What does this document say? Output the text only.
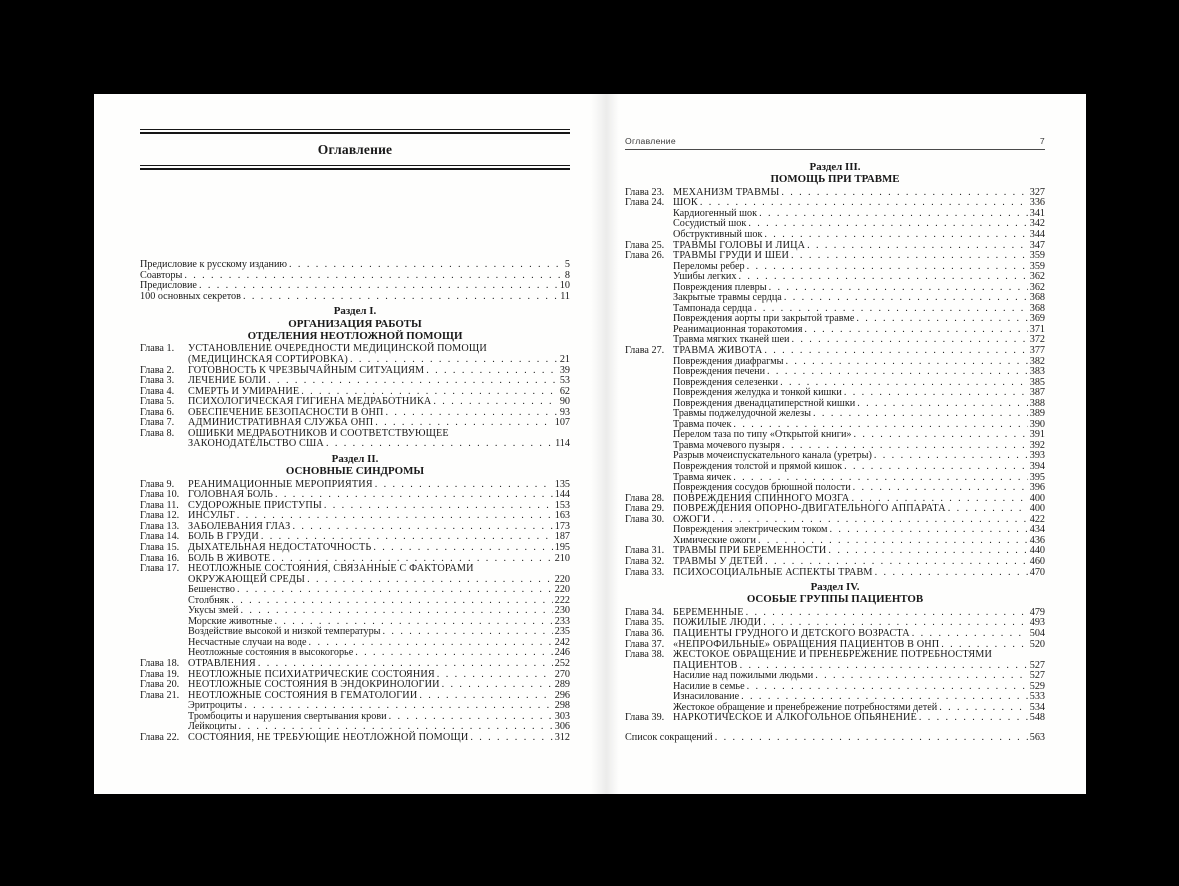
Оглавление
Предисловие к русскому изданию . . .	5
Соавторы . . .	8
Предисловие . . .	10
100 основных секретов . . .	11
Раздел I.
ОРГАНИЗАЦИЯ РАБОТЫ
ОТДЕЛЕНИЯ НЕОТЛОЖНОЙ ПОМОЩИ
Глава 1.	УСТАНОВЛЕНИЕ ОЧЕРЕДНОСТИ МЕДИЦИНСКОЙ ПОМОЩИ
(МЕДИЦИНСКАЯ СОРТИРОВКА) . . .	21
Глава 2.	ГОТОВНОСТЬ К ЧРЕЗВЫЧАЙНЫМ СИТУАЦИЯМ . . .	39
Глава 3.	ЛЕЧЕНИЕ БОЛИ . . .	53
Глава 4.	СМЕРТЬ И УМИРАНИЕ . . .	62
Глава 5.	ПСИХОЛОГИЧЕСКАЯ ГИГИЕНА МЕДРАБОТНИКА . . .	90
Глава 6.	ОБЕСПЕЧЕНИЕ БЕЗОПАСНОСТИ В ОНП . . .	93
Глава 7.	АДМИНИСТРАТИВНАЯ СЛУЖБА ОНП . . .	107
Глава 8.	ОШИБКИ МЕДРАБОТНИКОВ И СООТВЕТСТВУЮЩЕЕ
ЗАКОНОДАТЕЛЬСТВО США . . .	114
Раздел II.
ОСНОВНЫЕ СИНДРОМЫ
Глава 9.	РЕАНИМАЦИОННЫЕ МЕРОПРИЯТИЯ . . .	135
Глава 10. ГОЛОВНАЯ БОЛЬ . . .	144
Глава 11. СУДОРОЖНЫЕ ПРИСТУПЫ . . .	153
Глава 12. ИНСУЛЬТ . . .	163
Глава 13. ЗАБОЛЕВАНИЯ ГЛАЗ . . .	173
Глава 14. БОЛЬ В ГРУДИ . . .	187
Глава 15. ДЫХАТЕЛЬНАЯ НЕДОСТАТОЧНОСТЬ . . .	195
Глава 16. БОЛЬ В ЖИВОТЕ . . .	210
Глава 17. НЕОТЛОЖНЫЕ СОСТОЯНИЯ, СВЯЗАННЫЕ С ФАКТОРАМИ
ОКРУЖАЮЩЕЙ СРЕДЫ . . .	220
Бешенство . . .	220
Столбняк . . .	222
Укусы змей . . .	230
Морские животные . . .	233
Воздействие высокой и низкой температуры . . .	235
Несчастные случаи на воде . . .	242
Неотложные состояния в высокогорье . . .	246
Глава 18. ОТРАВЛЕНИЯ . . .	252
Глава 19. НЕОТЛОЖНЫЕ ПСИХИАТРИЧЕСКИЕ СОСТОЯНИЯ . . .	270
Глава 20. НЕОТЛОЖНЫЕ СОСТОЯНИЯ В ЭНДОКРИНОЛОГИИ . . .	289
Глава 21. НЕОТЛОЖНЫЕ СОСТОЯНИЯ В ГЕМАТОЛОГИИ . . .	296
Эритроциты . . .	298
Тромбоциты и нарушения свертывания крови . . .	303
Лейкоциты . . .	306
Глава 22. СОСТОЯНИЯ, НЕ ТРЕБУЮЩИЕ НЕОТЛОЖНОЙ ПОМОЩИ . . .	312
Оглавление	7
Раздел III.
ПОМОЩЬ ПРИ ТРАВМЕ
Глава 23. МЕХАНИЗМ ТРАВМЫ . . .	327
Глава 24. ШОК . . .	336
Кардиогенный шок . . .	341
Сосудистый шок . . .	342
Обструктивный шок . . .	344
Глава 25. ТРАВМЫ ГОЛОВЫ И ЛИЦА . . .	347
Глава 26. ТРАВМЫ ГРУДИ И ШЕИ . . .	359
Переломы ребер . . .	359
Ушибы легких . . .	362
Повреждения плевры . . .	362
Закрытые травмы сердца . . .	368
Тампонада сердца . . .	368
Повреждения аорты при закрытой травме . . .	369
Реанимационная торакотомия . . .	371
Травма мягких тканей шеи . . .	372
Глава 27. ТРАВМА ЖИВОТА . . .	377
Повреждения диафрагмы . . .	382
Повреждения печени . . .	383
Повреждения селезенки . . .	385
Повреждения желудка и тонкой кишки . . .	387
Повреждения двенадцатиперстной кишки . . .	388
Травмы поджелудочной железы . . .	389
Травма почек . . .	390
Перелом таза по типу «Открытой книги» . . .	391
Травма мочевого пузыря . . .	392
Разрыв мочеиспускательного канала (уретры) . . .	393
Повреждения толстой и прямой кишок . . .	394
Травма яичек . . .	395
Повреждения сосудов брюшной полости . . .	396
Глава 28. ПОВРЕЖДЕНИЯ СПИННОГО МОЗГА . . .	400
Глава 29. ПОВРЕЖДЕНИЯ ОПОРНО-ДВИГАТЕЛЬНОГО АППАРАТА . . .	400
Глава 30. ОЖОГИ . . .	422
Повреждения электрическим током . . .	434
Химические ожоги . . .	436
Глава 31. ТРАВМЫ ПРИ БЕРЕМЕННОСТИ . . .	440
Глава 32. ТРАВМЫ У ДЕТЕЙ . . .	460
Глава 33. ПСИХОСОЦИАЛЬНЫЕ АСПЕКТЫ ТРАВМ . . .	470
Раздел IV.
ОСОБЫЕ ГРУППЫ ПАЦИЕНТОВ
Глава 34. БЕРЕМЕННЫЕ . . .	479
Глава 35. ПОЖИЛЫЕ ЛЮДИ . . .	493
Глава 36. ПАЦИЕНТЫ ГРУДНОГО И ДЕТСКОГО ВОЗРАСТА . . .	504
Глава 37. «НЕПРОФИЛЬНЫЕ» ОБРАЩЕНИЯ ПАЦИЕНТОВ В ОНП . . .	520
Глава 38. ЖЕСТОКОЕ ОБРАЩЕНИЕ И ПРЕНЕБРЕЖЕНИЕ ПОТРЕБНОСТЯМИ
ПАЦИЕНТОВ . . .	527
Насилие над пожилыми людьми . . .	527
Насилие в семье . . .	529
Изнасилование . . .	533
Жестокое обращение и пренебрежение потребностями детей . . .	534
Глава 39. НАРКОТИЧЕСКОЕ И АЛКОГОЛЬНОЕ ОПЬЯНЕНИЕ . . .	548
Список сокращений . . .	563
